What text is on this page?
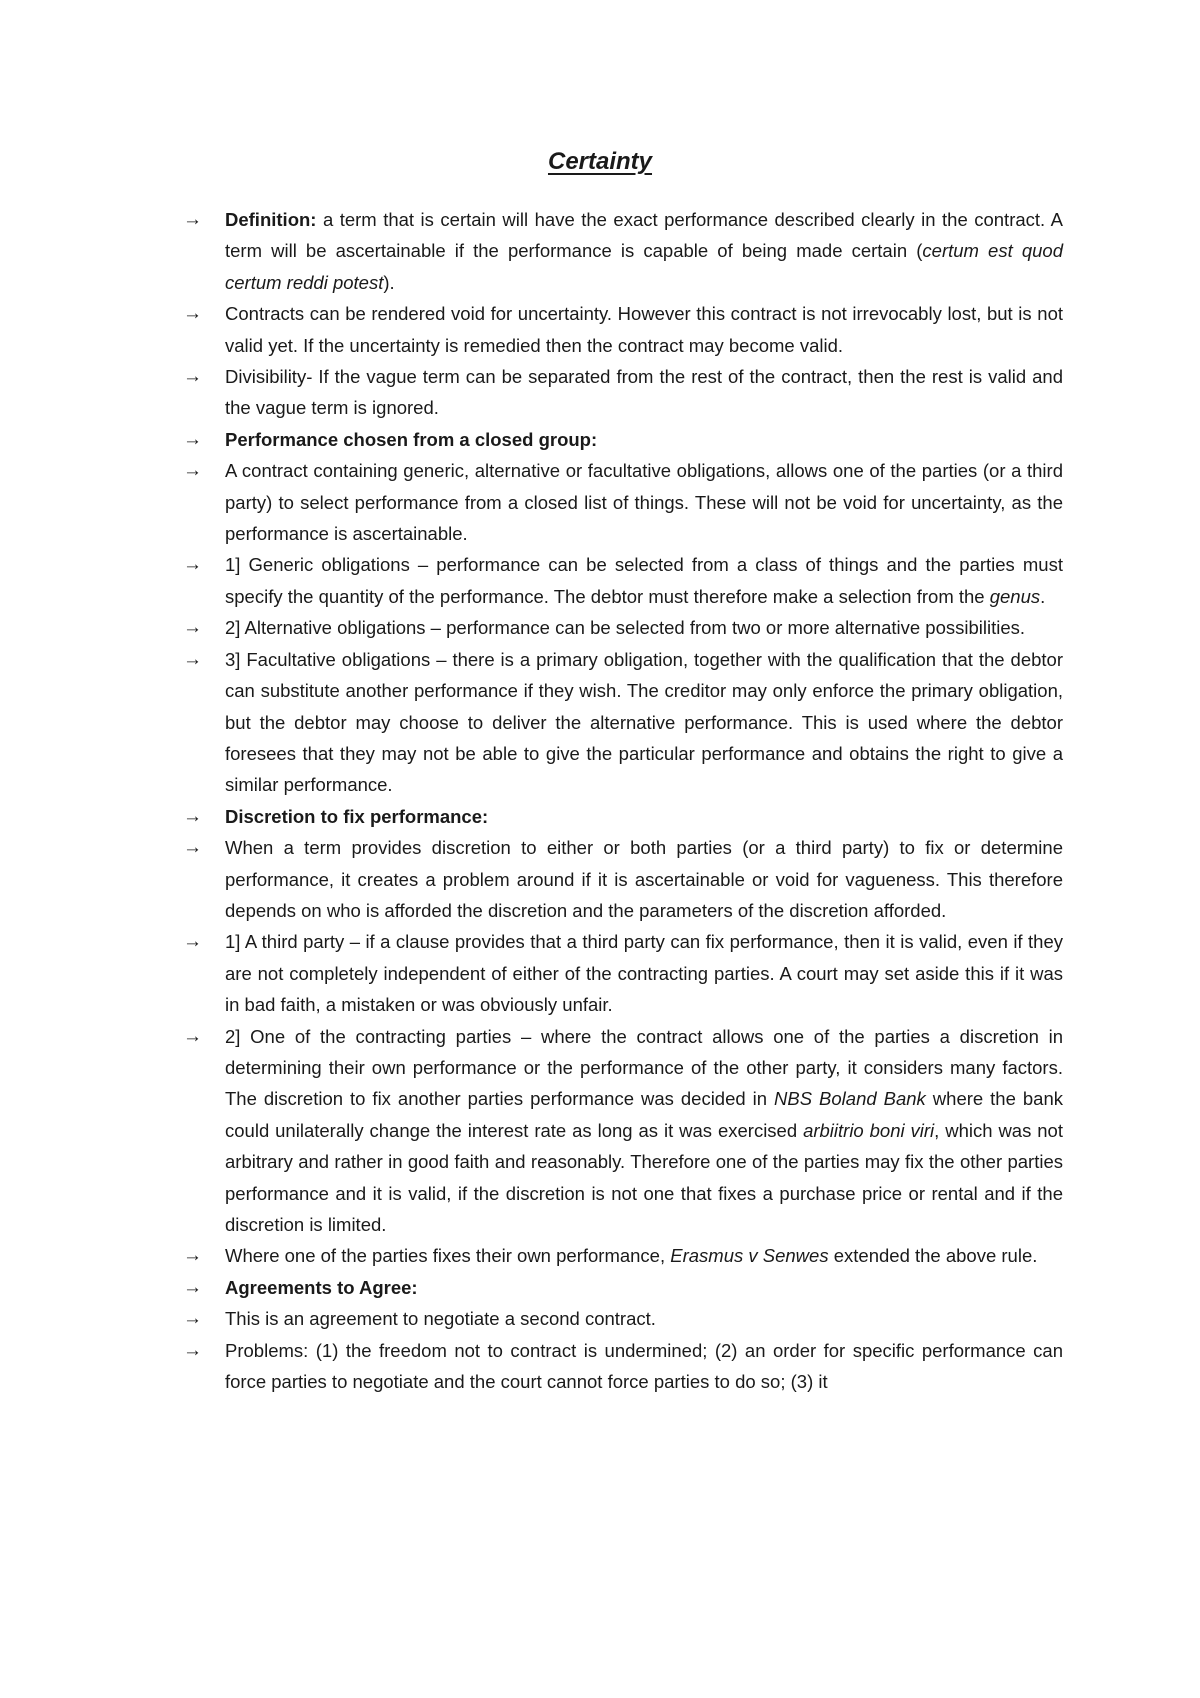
Certainty
→	Definition: a term that is certain will have the exact performance described clearly in the contract. A term will be ascertainable if the performance is capable of being made certain (certum est quod certum reddi potest).
→	Contracts can be rendered void for uncertainty. However this contract is not irrevocably lost, but is not valid yet. If the uncertainty is remedied then the contract may become valid.
→	Divisibility- If the vague term can be separated from the rest of the contract, then the rest is valid and the vague term is ignored.
→	Performance chosen from a closed group:
→	A contract containing generic, alternative or facultative obligations, allows one of the parties (or a third party) to select performance from a closed list of things. These will not be void for uncertainty, as the performance is ascertainable.
→	1] Generic obligations – performance can be selected from a class of things and the parties must specify the quantity of the performance. The debtor must therefore make a selection from the genus.
→	2] Alternative obligations – performance can be selected from two or more alternative possibilities.
→	3] Facultative obligations – there is a primary obligation, together with the qualification that the debtor can substitute another performance if they wish. The creditor may only enforce the primary obligation, but the debtor may choose to deliver the alternative performance. This is used where the debtor foresees that they may not be able to give the particular performance and obtains the right to give a similar performance.
→	Discretion to fix performance:
→	When a term provides discretion to either or both parties (or a third party) to fix or determine performance, it creates a problem around if it is ascertainable or void for vagueness. This therefore depends on who is afforded the discretion and the parameters of the discretion afforded.
→	1] A third party – if a clause provides that a third party can fix performance, then it is valid, even if they are not completely independent of either of the contracting parties. A court may set aside this if it was in bad faith, a mistaken or was obviously unfair.
→	2] One of the contracting parties – where the contract allows one of the parties a discretion in determining their own performance or the performance of the other party, it considers many factors. The discretion to fix another parties performance was decided in NBS Boland Bank where the bank could unilaterally change the interest rate as long as it was exercised arbiitrio boni viri, which was not arbitrary and rather in good faith and reasonably. Therefore one of the parties may fix the other parties performance and it is valid, if the discretion is not one that fixes a purchase price or rental and if the discretion is limited.
→	Where one of the parties fixes their own performance, Erasmus v Senwes extended the above rule.
→	Agreements to Agree:
→	This is an agreement to negotiate a second contract.
→	Problems: (1) the freedom not to contract is undermined; (2) an order for specific performance can force parties to negotiate and the court cannot force parties to do so; (3) it
